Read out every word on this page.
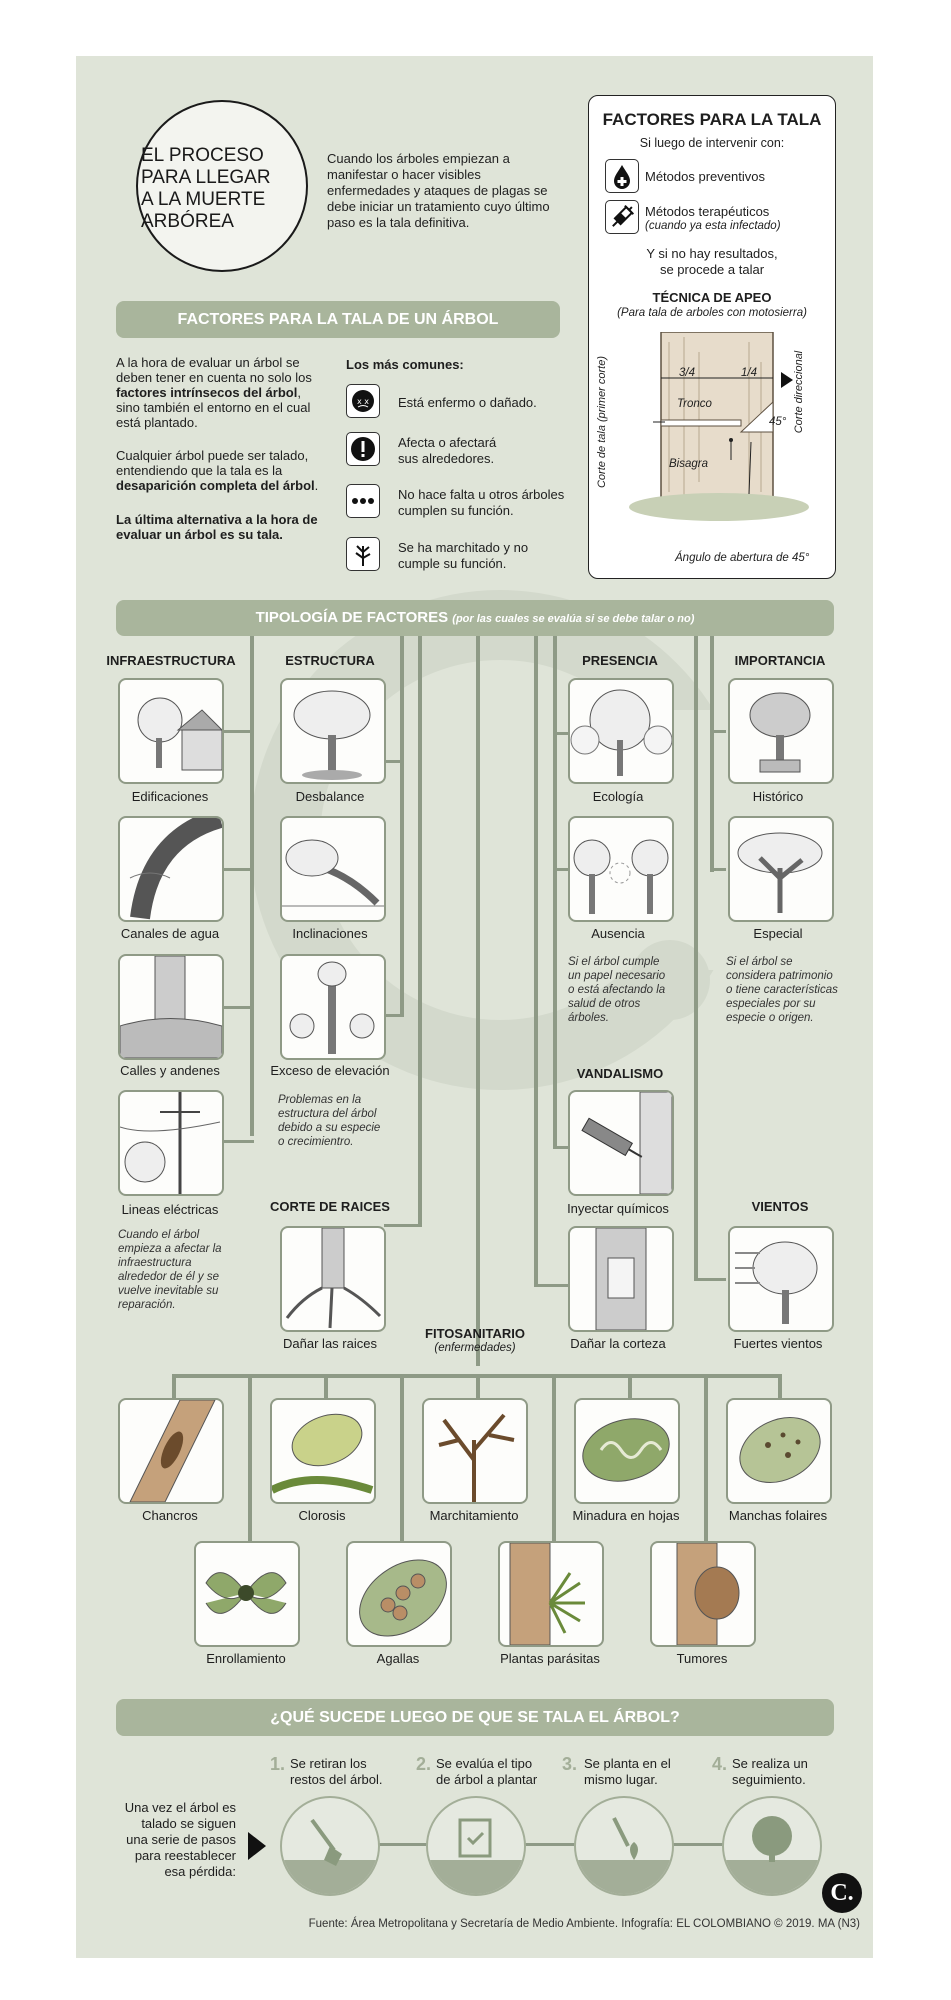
EL PROCESO
PARA LLEGAR
A LA MUERTE
ARBÓREA
Cuando los árboles empiezan a manifestar o hacer visibles enfermedades y ataques de plagas se debe iniciar un tratamiento cuyo último paso es la tala definitiva.
FACTORES PARA LA TALA
Si luego de intervenir con:
Métodos preventivos
Métodos terapéuticos
(cuando ya esta infectado)
Y si no hay resultados,
se procede a talar
TÉCNICA DE APEO
(Para tala de arboles con motosierra)
3/4	1/4
Tronco
45°
Bisagra
Corte de tala (primer corte)	Corte direccional
Ángulo de abertura de 45°
FACTORES PARA LA TALA DE UN ÁRBOL
A la hora de evaluar un árbol se deben tener en cuenta no solo los factores intrínsecos del árbol, sino también el entorno en el cual está plantado.
Cualquier árbol puede ser talado, entendiendo que la tala es la desaparición completa del árbol.
La última alternativa a la hora de evaluar un árbol es su tala.
Los más comunes:
x x Está enfermo o dañado.
Afecta o afectará
sus alrededores.
No hace falta u otros árboles
cumplen su función.
Se ha marchitado y no
cumple su función.
TIPOLOGÍA DE FACTORES (por las cuales se evalúa si se debe talar o no)
INFRAESTRUCTURA	ESTRUCTURA	PRESENCIA	IMPORTANCIA
VANDALISMO
CORTE DE RAICES	VIENTOS
FITOSANITARIO
(enfermedades)
Edificaciones
Canales de agua
Calles y andenes
Lineas eléctricas
Cuando el árbol
empieza a afectar la
infraestructura
alrededor de él y se
vuelve inevitable su
reparación.
Desbalance
Inclinaciones
Exceso de elevación
Problemas en la
estructura del árbol
debido a su especie
o crecimientro.
Dañar las raices
Ecología
Ausencia
Si el árbol cumple
un papel necesario
o está afectando la
salud de otros
árboles.
Inyectar químicos
Dañar la corteza
Histórico
Especial
Si el árbol se
considera patrimonio
o tiene características
especiales por su
especie o origen.
Fuertes vientos
Chancros	Clorosis	Marchitamiento	Minadura en hojas	Manchas folaires
Enrollamiento	Agallas	Plantas parásitas	Tumores
¿QUÉ SUCEDE LUEGO DE QUE SE TALA EL ÁRBOL?
1. Se retiran los
restos del árbol.
2. Se evalúa el tipo
de árbol a plantar
3. Se planta en el
mismo lugar.
4. Se realiza un
seguimiento.
Una vez el árbol es
talado se siguen
una serie de pasos
para reestablecer
esa pérdida:
C.
Fuente: Área Metropolitana y Secretaría de Medio Ambiente. Infografía: EL COLOMBIANO © 2019. MA (N3)
